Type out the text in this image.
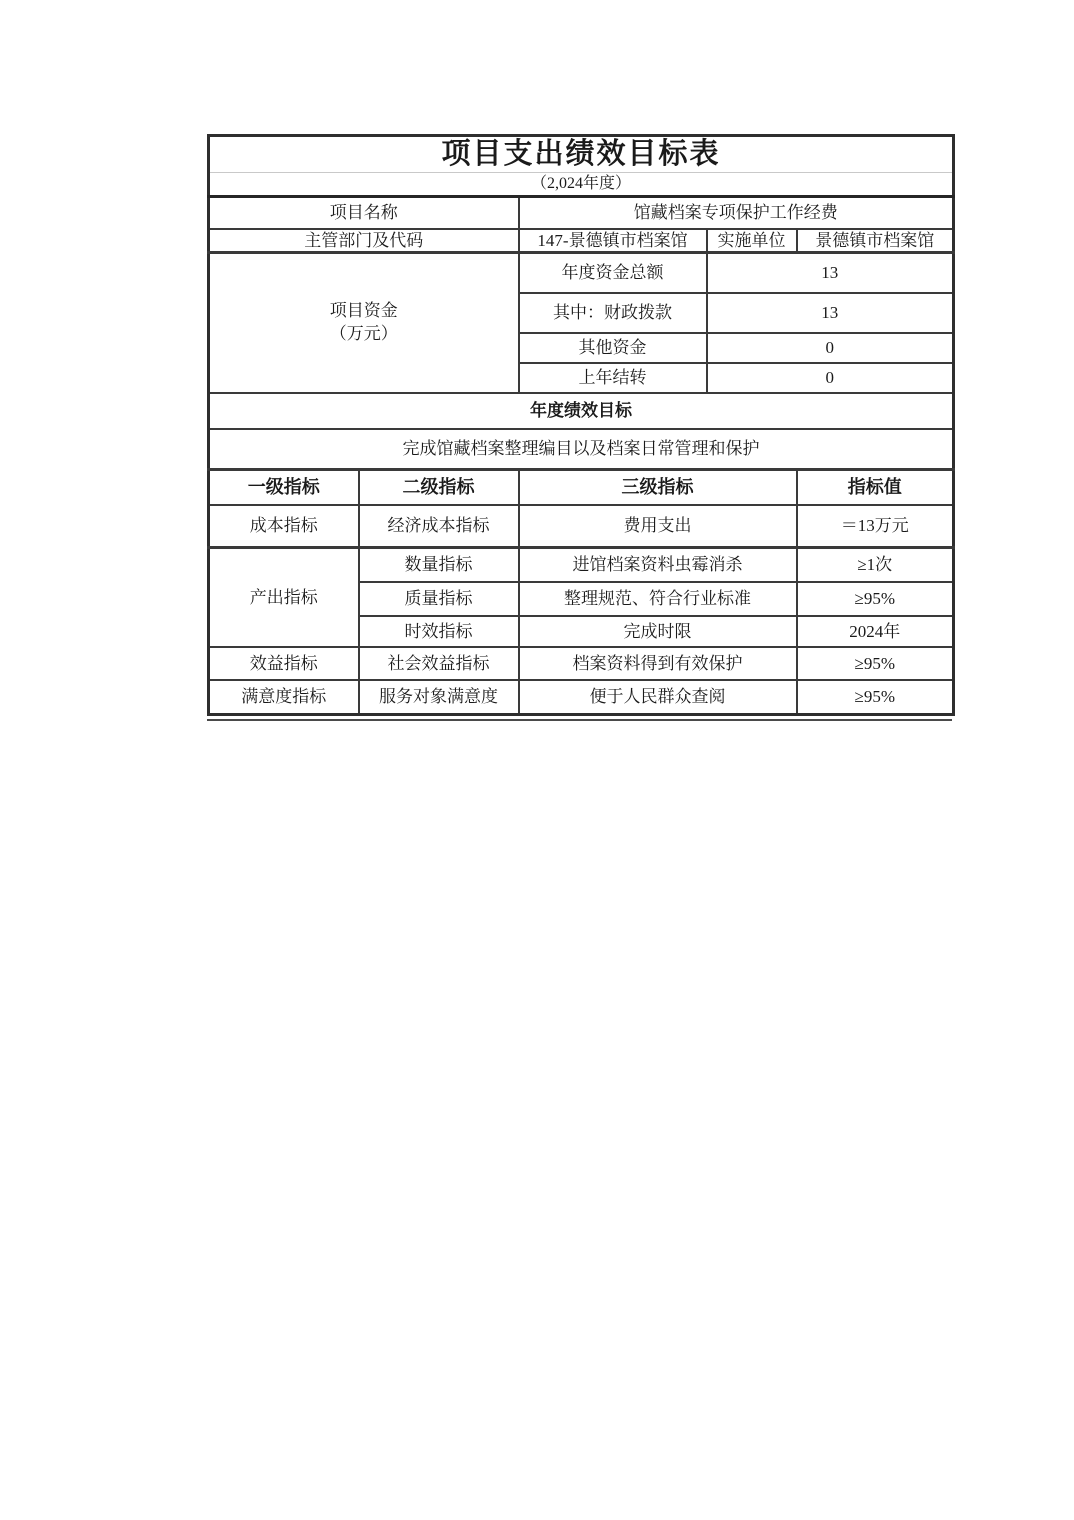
项目支出绩效目标表				
（2,024年度）				
项目名称		馆藏档案专项保护工作经费		
主管部门及代码		147-景德镇市档案馆	实施单位	景德镇市档案馆

项目资金
（万元）		年度资金总额	13	
		其中：财政拨款	13	
		其他资金	0	
		上年结转	0	
年度绩效目标				
完成馆藏档案整理编目以及档案日常管理和保护				
一级指标	二级指标	三级指标		指标值
成本指标	经济成本指标	费用支出		＝13万元
产出指标	数量指标	进馆档案资料虫霉消杀		≥1次
	质量指标	整理规范、符合行业标准		≥95%
	时效指标	完成时限		2024年
效益指标	社会效益指标	档案资料得到有效保护		≥95%
满意度指标	服务对象满意度	便于人民群众查阅		≥95%
